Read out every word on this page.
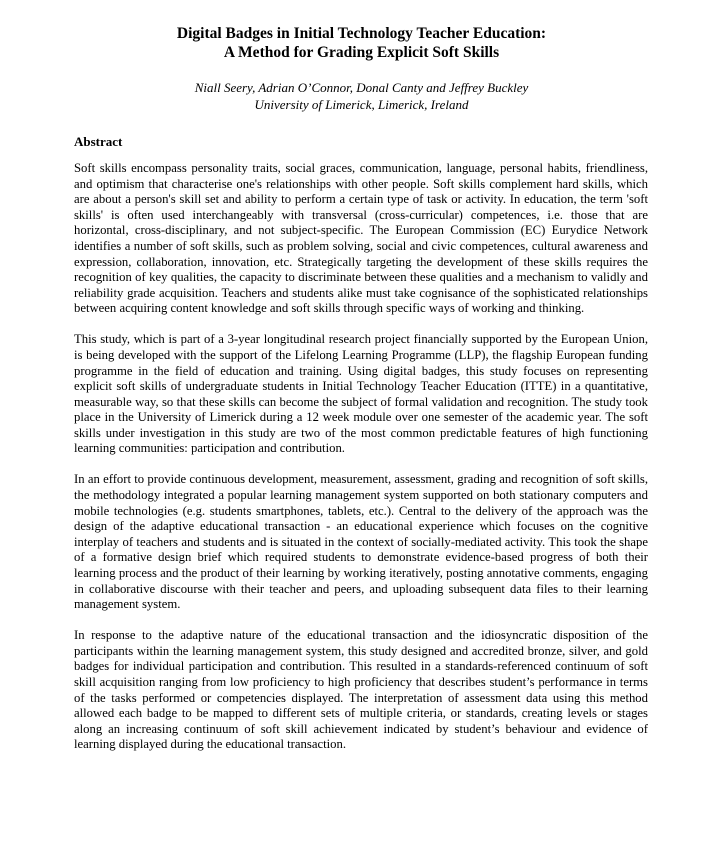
Digital Badges in Initial Technology Teacher Education:
A Method for Grading Explicit Soft Skills
Niall Seery, Adrian O’Connor, Donal Canty and Jeffrey Buckley
University of Limerick, Limerick, Ireland
Abstract

Soft skills encompass personality traits, social graces, communication, language, personal habits, friendliness, and optimism that characterise one's relationships with other people. Soft skills complement hard skills, which are about a person's skill set and ability to perform a certain type of task or activity. In education, the term 'soft skills' is often used interchangeably with transversal (cross-curricular) competences, i.e. those that are horizontal, cross-disciplinary, and not subject-specific. The European Commission (EC) Eurydice Network identifies a number of soft skills, such as problem solving, social and civic competences, cultural awareness and expression, collaboration, innovation, etc. Strategically targeting the development of these skills requires the recognition of key qualities, the capacity to discriminate between these qualities and a mechanism to validly and reliability grade acquisition. Teachers and students alike must take cognisance of the sophisticated relationships between acquiring content knowledge and soft skills through specific ways of working and thinking.

This study, which is part of a 3-year longitudinal research project financially supported by the European Union, is being developed with the support of the Lifelong Learning Programme (LLP), the flagship European funding programme in the field of education and training. Using digital badges, this study focuses on representing explicit soft skills of undergraduate students in Initial Technology Teacher Education (ITTE) in a quantitative, measurable way, so that these skills can become the subject of formal validation and recognition. The study took place in the University of Limerick during a 12 week module over one semester of the academic year. The soft skills under investigation in this study are two of the most common predictable features of high functioning learning communities: participation and contribution.

In an effort to provide continuous development, measurement, assessment, grading and recognition of soft skills, the methodology integrated a popular learning management system supported on both stationary computers and mobile technologies (e.g. students smartphones, tablets, etc.). Central to the delivery of the approach was the design of the adaptive educational transaction - an educational experience which focuses on the cognitive interplay of teachers and students and is situated in the context of socially-mediated activity. This took the shape of a formative design brief which required students to demonstrate evidence-based progress of both their learning process and the product of their learning by working iteratively, posting annotative comments, engaging in collaborative discourse with their teacher and peers, and uploading subsequent data files to their learning management system.

In response to the adaptive nature of the educational transaction and the idiosyncratic disposition of the participants within the learning management system, this study designed and accredited bronze, silver, and gold badges for individual participation and contribution. This resulted in a standards-referenced continuum of soft skill acquisition ranging from low proficiency to high proficiency that describes student’s performance in terms of the tasks performed or competencies displayed. The interpretation of assessment data using this method allowed each badge to be mapped to different sets of multiple criteria, or standards, creating levels or stages along an increasing continuum of soft skill achievement indicated by student’s behaviour and evidence of learning displayed during the educational transaction.
